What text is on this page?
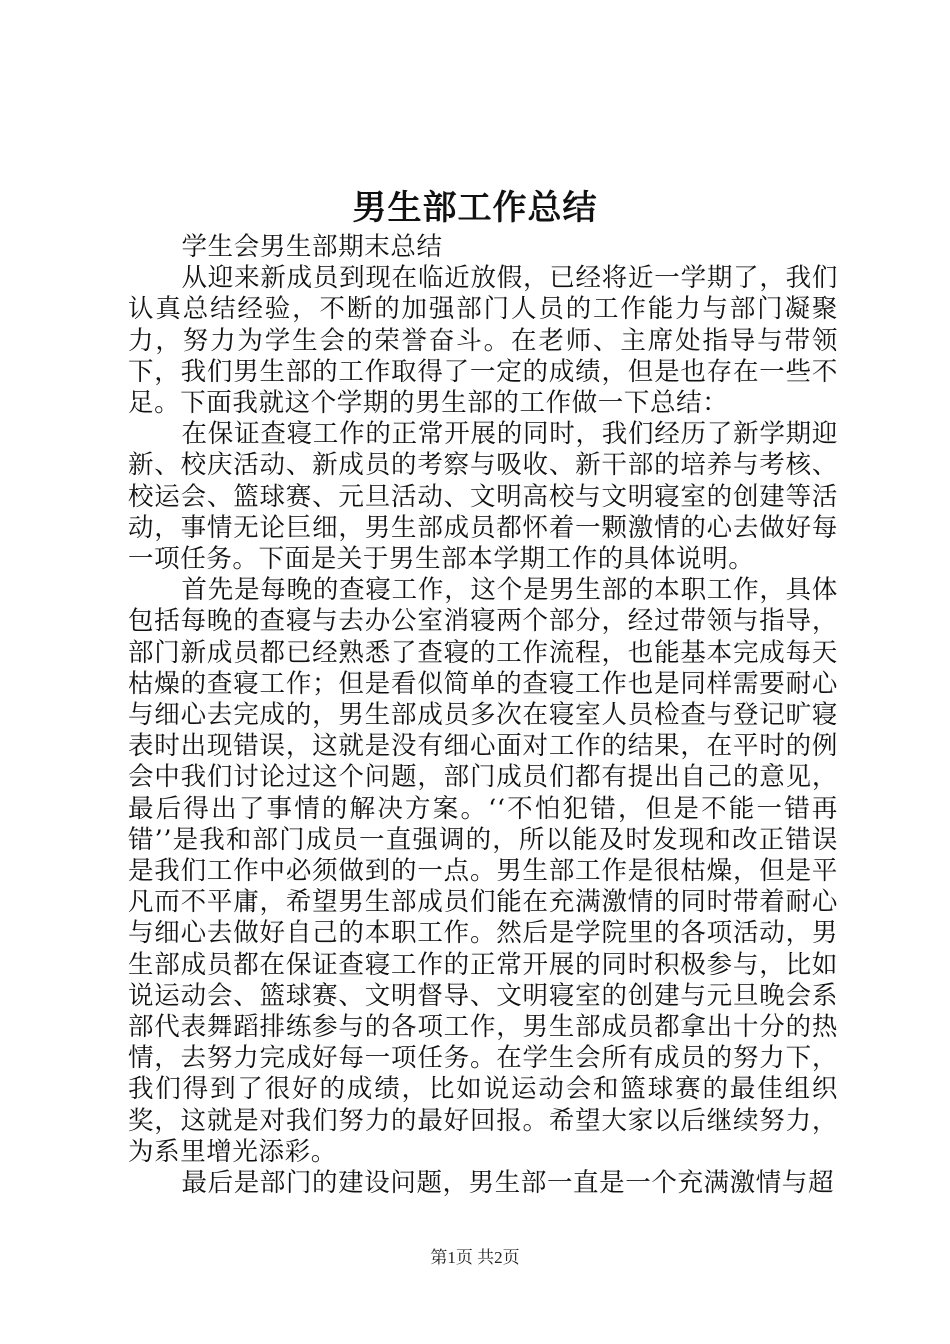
男生部工作总结

学生会男生部期末总结

从迎来新成员到现在临近放假，已经将近一学期了，我们认真总结经验，不断的加强部门人员的工作能力与部门凝聚力，努力为学生会的荣誉奋斗。在老师、主席处指导与带领下，我们男生部的工作取得了一定的成绩，但是也存在一些不足。下面我就这个学期的男生部的工作做一下总结：

在保证查寝工作的正常开展的同时，我们经历了新学期迎新、校庆活动、新成员的考察与吸收、新干部的培养与考核、校运会、篮球赛、元旦活动、文明高校与文明寝室的创建等活动，事情无论巨细，男生部成员都怀着一颗激情的心去做好每一项任务。下面是关于男生部本学期工作的具体说明。

首先是每晚的查寝工作，这个是男生部的本职工作，具体包括每晚的查寝与去办公室消寝两个部分，经过带领与指导，部门新成员都已经熟悉了查寝的工作流程，也能基本完成每天枯燥的查寝工作；但是看似简单的查寝工作也是同样需要耐心与细心去完成的，男生部成员多次在寝室人员检查与登记旷寝表时出现错误，这就是没有细心面对工作的结果，在平时的例会中我们讨论过这个问题，部门成员们都有提出自己的意见，最后得出了事情的解决方案。‘‘不怕犯错，但是不能一错再错’’是我和部门成员一直强调的，所以能及时发现和改正错误是我们工作中必须做到的一点。男生部工作是很枯燥，但是平凡而不平庸，希望男生部成员们能在充满激情的同时带着耐心与细心去做好自己的本职工作。然后是学院里的各项活动，男生部成员都在保证查寝工作的正常开展的同时积极参与，比如说运动会、篮球赛、文明督导、文明寝室的创建与元旦晚会系部代表舞蹈排练参与的各项工作，男生部成员都拿出十分的热情，去努力完成好每一项任务。在学生会所有成员的努力下，我们得到了很好的成绩，比如说运动会和篮球赛的最佳组织奖，这就是对我们努力的最好回报。希望大家以后继续努力，为系里增光添彩。

最后是部门的建设问题，男生部一直是一个充满激情与超

第1页 共2页
